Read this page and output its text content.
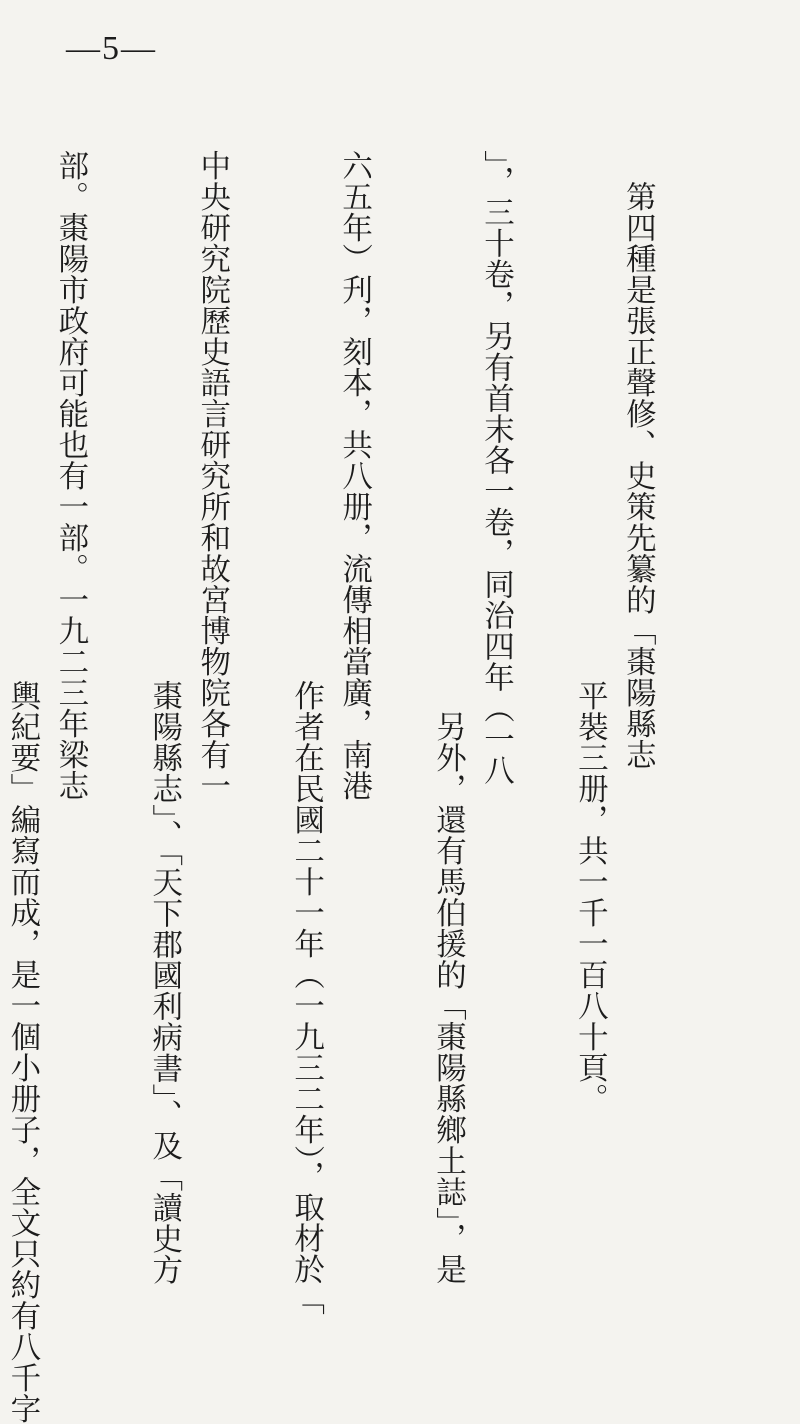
—5—

　第四種是張正聲修、史策先纂的「棗陽縣志

」，三十卷，另有首末各一卷，同治四年（一八

六五年）刋，刻本，共八册，流傳相當廣，南港

中央研究院歷史語言研究所和故宮博物院各有一

部。棗陽市政府可能也有一部。一九二三年梁志

平裝三册，共一千一百八十頁。

　另外，還有馬伯援的「棗陽縣鄉土誌」，是

作者在民國二十一年（一九三二年），取材於「

棗陽縣志」、「天下郡國利病書」、及「讀史方

輿紀要」編寫而成，是一個小册子，全文只約有八千字
